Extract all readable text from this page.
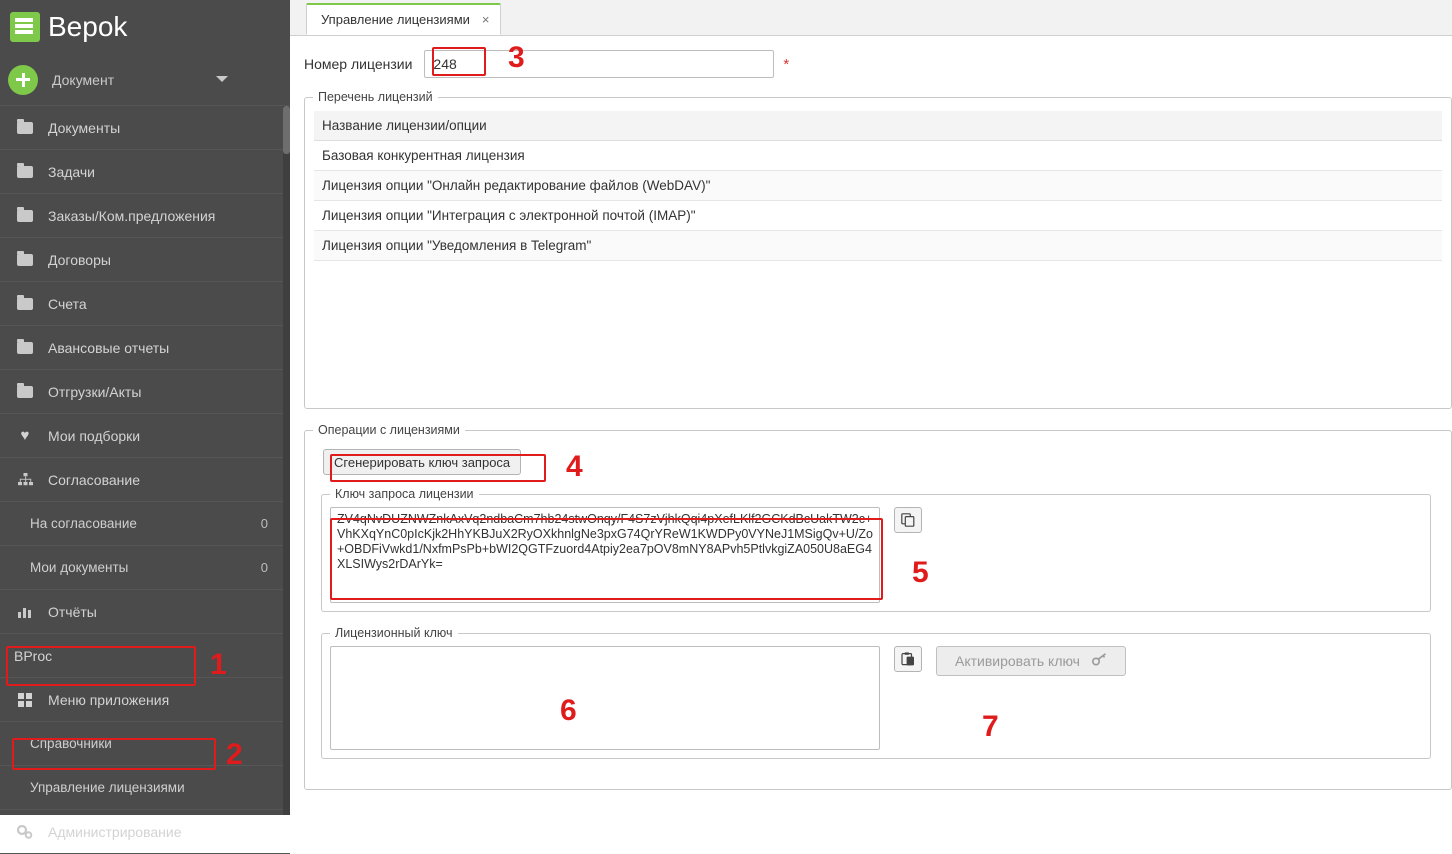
Bepok
Документ
Документы
Задачи
Заказы/Ком.предложения
Договоры
Счета
Авансовые отчеты
Отгрузки/Акты
♥ Мои подборки
Согласование
На согласование	0
Мои документы	0
Отчёты
BProc
Меню приложения
Справочники
Управление лицензиями
Администрирование
Управление лицензиями ×
Номер лицензии
248	*
Перечень лицензий
Название лицензии/опции
Базовая конкурентная лицензия
Лицензия опции "Онлайн редактирование файлов (WebDAV)"
Лицензия опции "Интеграция с электронной почтой (IMAP)"
Лицензия опции "Уведомления в Telegram"
Операции с лицензиями
Сгенерировать ключ запроса
Ключ запроса лицензии
ZV4qNvDUZNWZnkAxVq2ndbaCm7hb24stwOnqy/F4S7zVjhkQqi4pXefLKlf2GCKdBcUakTW2c+VhKXqYnC0pIcKjk2HhYKBJuX2RyOXkhnlgNe3pxG74QrYReW1KWDPy0VYNeJ1MSigQv+U/Zo+OBDFiVwkd1/NxfmPsPb+bWI2QGTFzuord4Atpiy2ea7pOV8mNY8APvh5PtlvkgiZA050U8aEG4XLSIWys2rDArYk=
Лицензионный ключ
Активировать ключ
1
2
3
4
5
6	7
